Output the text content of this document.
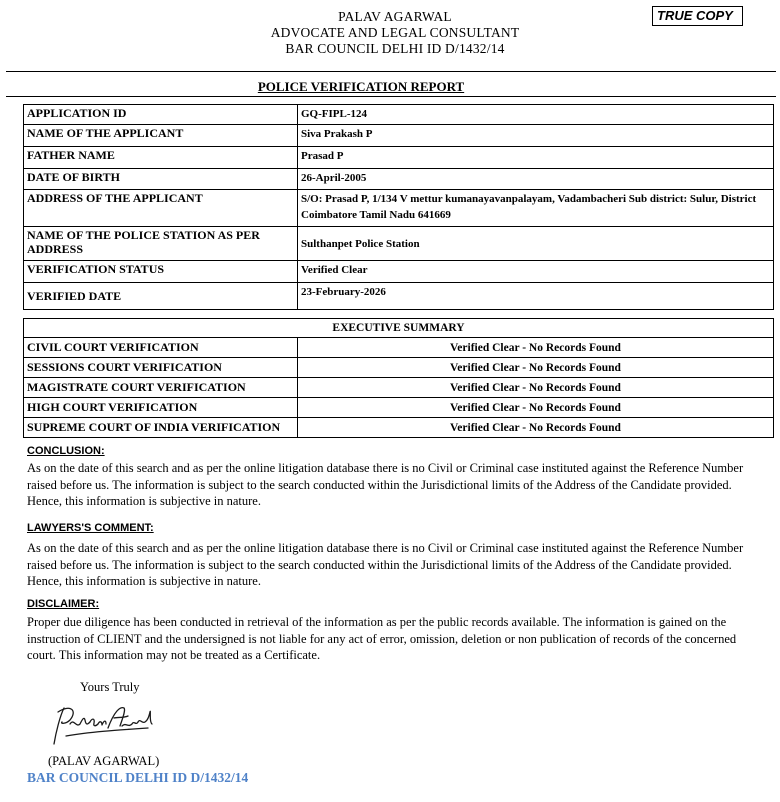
TRUE COPY
PALAV AGARWAL
ADVOCATE AND LEGAL CONSULTANT
BAR COUNCIL DELHI ID D/1432/14
POLICE VERIFICATION REPORT
APPLICATION ID	GQ-FIPL-124
NAME OF THE APPLICANT	Siva Prakash P
FATHER NAME	Prasad P
DATE OF BIRTH	26-April-2005
ADDRESS OF THE APPLICANT	S/O: Prasad P, 1/134 V mettur kumanayavanpalayam, Vadambacheri Sub district: Sulur, District Coimbatore Tamil Nadu 641669
NAME OF THE POLICE STATION AS PER ADDRESS	Sulthanpet Police Station
VERIFICATION STATUS	Verified Clear
VERIFIED DATE	23-February-2026
EXECUTIVE SUMMARY	
CIVIL COURT VERIFICATION	Verified Clear - No Records Found
SESSIONS COURT VERIFICATION	Verified Clear - No Records Found
MAGISTRATE COURT VERIFICATION	Verified Clear - No Records Found
HIGH COURT VERIFICATION	Verified Clear - No Records Found
SUPREME COURT OF INDIA VERIFICATION	Verified Clear - No Records Found
CONCLUSION:
As on the date of this search and as per the online litigation database there is no Civil or Criminal case instituted against the Reference Number raised before us. The information is subject to the search conducted within the Jurisdictional limits of the Address of the Candidate provided. Hence, this information is subjective in nature.
LAWYERS'S COMMENT:
As on the date of this search and as per the online litigation database there is no Civil or Criminal case instituted against the Reference Number raised before us. The information is subject to the search conducted within the Jurisdictional limits of the Address of the Candidate provided. Hence, this information is subjective in nature.
DISCLAIMER:
Proper due diligence has been conducted in retrieval of the information as per the public records available. The information is gained on the instruction of CLIENT and the undersigned is not liable for any act of error, omission, deletion or non publication of records of the concerned court. This information may not be treated as a Certificate.
Yours Truly
(PALAV AGARWAL)
BAR COUNCIL DELHI ID D/1432/14
